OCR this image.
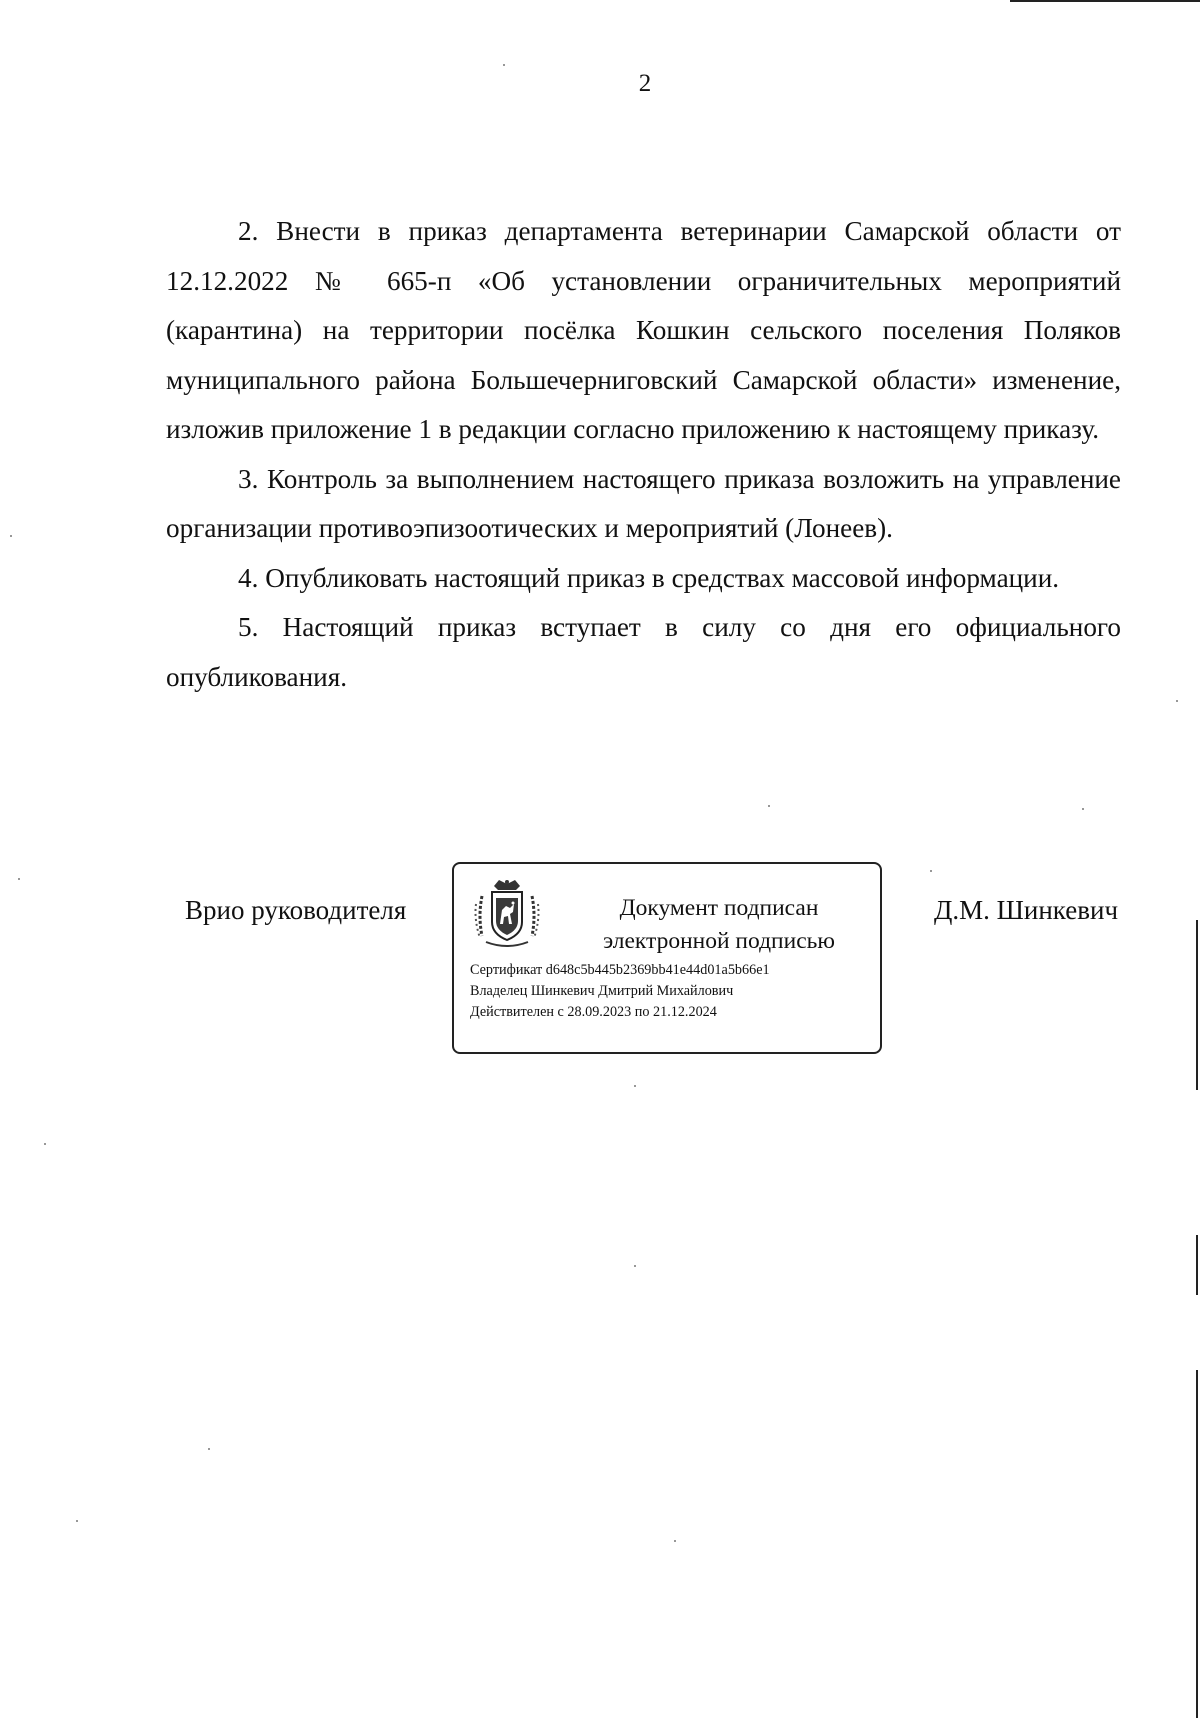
2

2. Внести в приказ департамента ветеринарии Самарской области от 12.12.2022 № 665-п «Об установлении ограничительных мероприятий (карантина) на территории посёлка Кошкин сельского поселения Поляков муниципального района Большечерниговский Самарской области» изменение, изложив приложение 1 в редакции согласно приложению к настоящему приказу.

3. Контроль за выполнением настоящего приказа возложить на управление организации противоэпизоотических и мероприятий (Лонеев).

4. Опубликовать настоящий приказ в средствах массовой информации.

5. Настоящий приказ вступает в силу со дня его официального опубликования.

Врио руководителя	Документ подписан
электронной подписью
Сертификат d648c5b445b2369bb41e44d01a5b66e1
Владелец Шинкевич Дмитрий Михайлович
Действителен с 28.09.2023 по 21.12.2024
Д.М. Шинкевич
